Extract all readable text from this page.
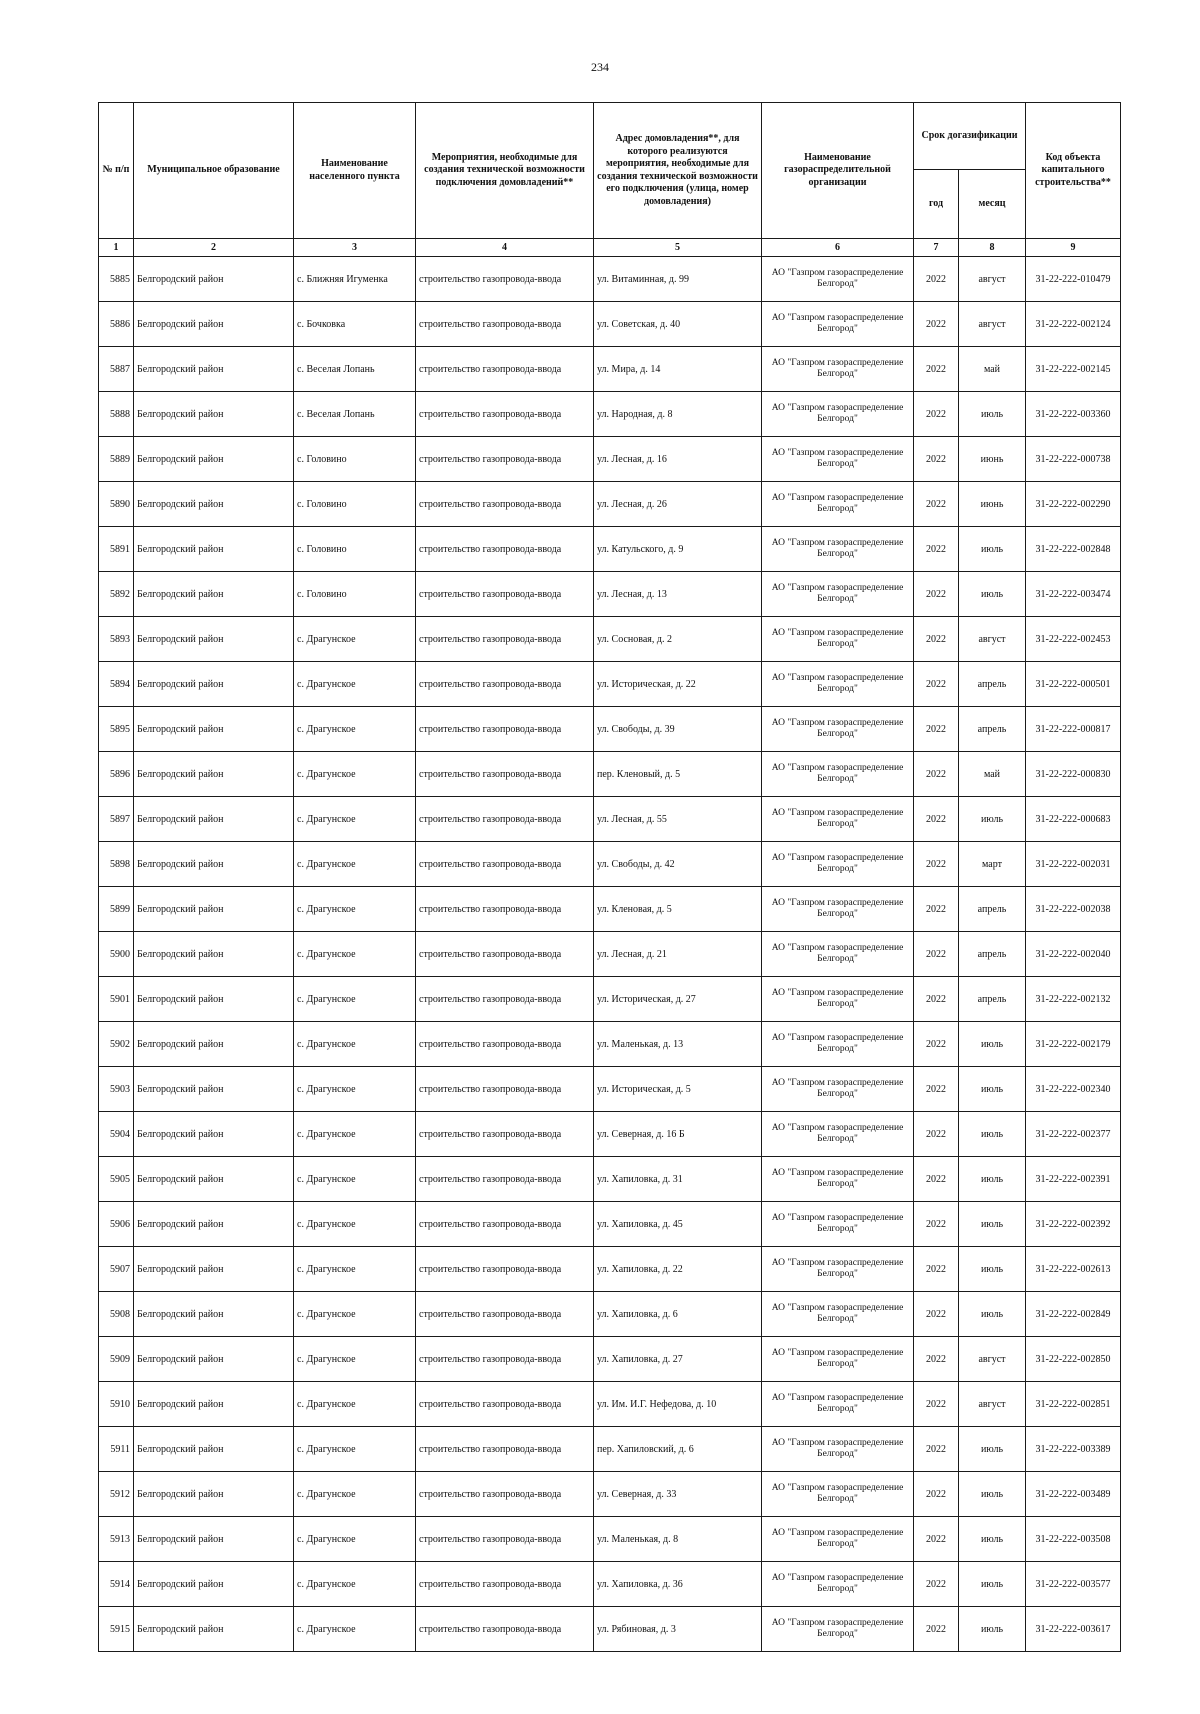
234
№ п/п	Муниципальное образование	Наименование населенного пункта	Мероприятия, необходимые для создания технической возможности подключения домовладений**	Адрес домовладения**, для которого реализуются мероприятия, необходимые для создания технической возможности его подключения (улица, номер домовладения)	Наименование газораспределительной организации	Срок догазификации		Код объекта капитального строительства**
						год	месяц	
1	2	3	4	5	6	7	8	9
5885	Белгородский район	с. Ближняя Игуменка	строительство газопровода-ввода	ул. Витаминная, д. 99	АО "Газпром газораспределение Белгород"	2022	август	31-22-222-010479
5886	Белгородский район	с. Бочковка	строительство газопровода-ввода	ул. Советская, д. 40	АО "Газпром газораспределение Белгород"	2022	август	31-22-222-002124
5887	Белгородский район	с. Веселая Лопань	строительство газопровода-ввода	ул. Мира, д. 14	АО "Газпром газораспределение Белгород"	2022	май	31-22-222-002145
5888	Белгородский район	с. Веселая Лопань	строительство газопровода-ввода	ул. Народная, д. 8	АО "Газпром газораспределение Белгород"	2022	июль	31-22-222-003360
5889	Белгородский район	с. Головино	строительство газопровода-ввода	ул. Лесная, д. 16	АО "Газпром газораспределение Белгород"	2022	июнь	31-22-222-000738
5890	Белгородский район	с. Головино	строительство газопровода-ввода	ул. Лесная, д. 26	АО "Газпром газораспределение Белгород"	2022	июнь	31-22-222-002290
5891	Белгородский район	с. Головино	строительство газопровода-ввода	ул. Катульского, д. 9	АО "Газпром газораспределение Белгород"	2022	июль	31-22-222-002848
5892	Белгородский район	с. Головино	строительство газопровода-ввода	ул. Лесная, д. 13	АО "Газпром газораспределение Белгород"	2022	июль	31-22-222-003474
5893	Белгородский район	с. Драгунское	строительство газопровода-ввода	ул. Сосновая, д. 2	АО "Газпром газораспределение Белгород"	2022	август	31-22-222-002453
5894	Белгородский район	с. Драгунское	строительство газопровода-ввода	ул. Историческая, д. 22	АО "Газпром газораспределение Белгород"	2022	апрель	31-22-222-000501
5895	Белгородский район	с. Драгунское	строительство газопровода-ввода	ул. Свободы, д. 39	АО "Газпром газораспределение Белгород"	2022	апрель	31-22-222-000817
5896	Белгородский район	с. Драгунское	строительство газопровода-ввода	пер. Кленовый, д. 5	АО "Газпром газораспределение Белгород"	2022	май	31-22-222-000830
5897	Белгородский район	с. Драгунское	строительство газопровода-ввода	ул. Лесная, д. 55	АО "Газпром газораспределение Белгород"	2022	июль	31-22-222-000683
5898	Белгородский район	с. Драгунское	строительство газопровода-ввода	ул. Свободы, д. 42	АО "Газпром газораспределение Белгород"	2022	март	31-22-222-002031
5899	Белгородский район	с. Драгунское	строительство газопровода-ввода	ул. Кленовая, д. 5	АО "Газпром газораспределение Белгород"	2022	апрель	31-22-222-002038
5900	Белгородский район	с. Драгунское	строительство газопровода-ввода	ул. Лесная, д. 21	АО "Газпром газораспределение Белгород"	2022	апрель	31-22-222-002040
5901	Белгородский район	с. Драгунское	строительство газопровода-ввода	ул. Историческая, д. 27	АО "Газпром газораспределение Белгород"	2022	апрель	31-22-222-002132
5902	Белгородский район	с. Драгунское	строительство газопровода-ввода	ул. Маленькая, д. 13	АО "Газпром газораспределение Белгород"	2022	июль	31-22-222-002179
5903	Белгородский район	с. Драгунское	строительство газопровода-ввода	ул. Историческая, д. 5	АО "Газпром газораспределение Белгород"	2022	июль	31-22-222-002340
5904	Белгородский район	с. Драгунское	строительство газопровода-ввода	ул. Северная, д. 16 Б	АО "Газпром газораспределение Белгород"	2022	июль	31-22-222-002377
5905	Белгородский район	с. Драгунское	строительство газопровода-ввода	ул. Хапиловка, д. 31	АО "Газпром газораспределение Белгород"	2022	июль	31-22-222-002391
5906	Белгородский район	с. Драгунское	строительство газопровода-ввода	ул. Хапиловка, д. 45	АО "Газпром газораспределение Белгород"	2022	июль	31-22-222-002392
5907	Белгородский район	с. Драгунское	строительство газопровода-ввода	ул. Хапиловка, д. 22	АО "Газпром газораспределение Белгород"	2022	июль	31-22-222-002613
5908	Белгородский район	с. Драгунское	строительство газопровода-ввода	ул. Хапиловка, д. 6	АО "Газпром газораспределение Белгород"	2022	июль	31-22-222-002849
5909	Белгородский район	с. Драгунское	строительство газопровода-ввода	ул. Хапиловка, д. 27	АО "Газпром газораспределение Белгород"	2022	август	31-22-222-002850
5910	Белгородский район	с. Драгунское	строительство газопровода-ввода	ул. Им. И.Г. Нефедова, д. 10	АО "Газпром газораспределение Белгород"	2022	август	31-22-222-002851
5911	Белгородский район	с. Драгунское	строительство газопровода-ввода	пер. Хапиловский, д. 6	АО "Газпром газораспределение Белгород"	2022	июль	31-22-222-003389
5912	Белгородский район	с. Драгунское	строительство газопровода-ввода	ул. Северная, д. 33	АО "Газпром газораспределение Белгород"	2022	июль	31-22-222-003489
5913	Белгородский район	с. Драгунское	строительство газопровода-ввода	ул. Маленькая, д. 8	АО "Газпром газораспределение Белгород"	2022	июль	31-22-222-003508
5914	Белгородский район	с. Драгунское	строительство газопровода-ввода	ул. Хапиловка, д. 36	АО "Газпром газораспределение Белгород"	2022	июль	31-22-222-003577
5915	Белгородский район	с. Драгунское	строительство газопровода-ввода	ул. Рябиновая, д. 3	АО "Газпром газораспределение Белгород"	2022	июль	31-22-222-003617
